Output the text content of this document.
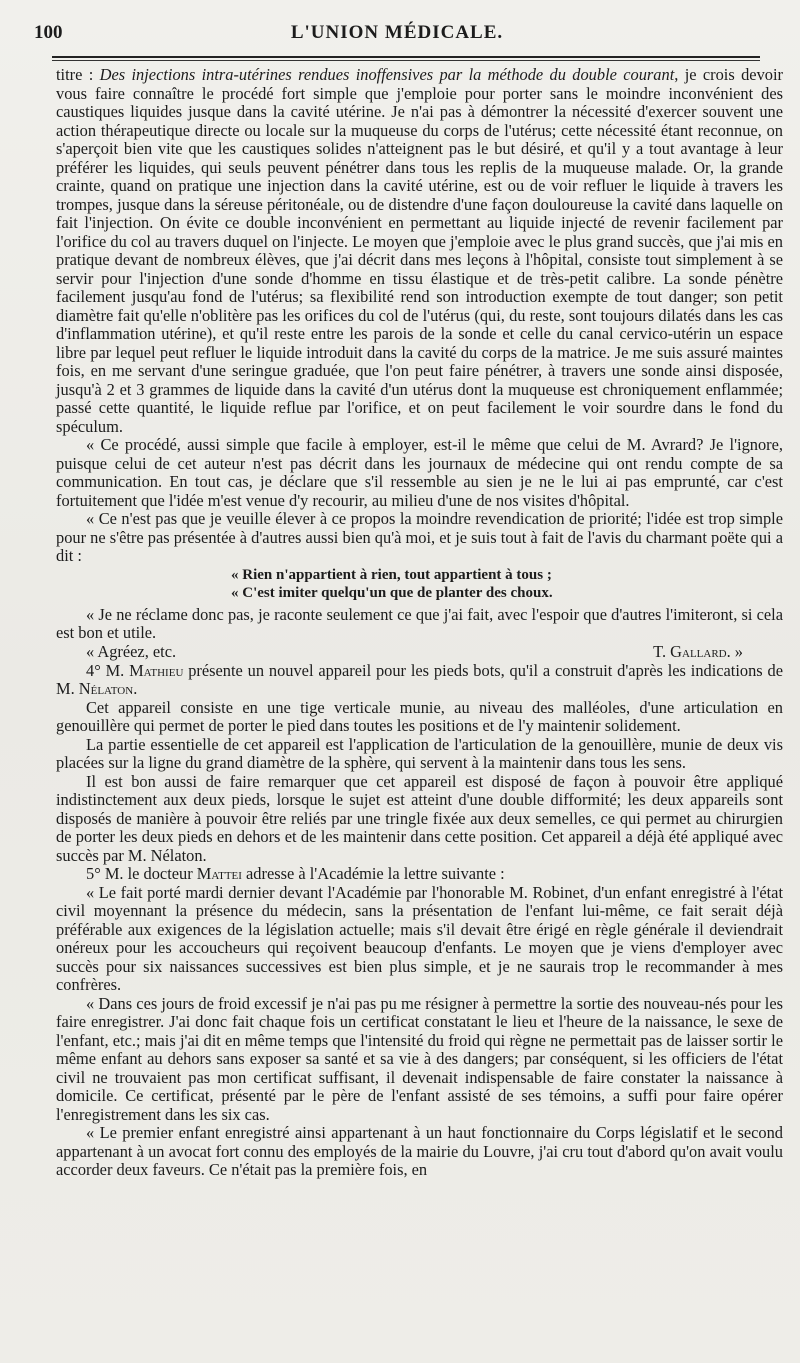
100	L'UNION MÉDICALE.

titre : Des injections intra-utérines rendues inoffensives par la méthode du double courant, je crois devoir vous faire connaître le procédé fort simple que j'emploie pour porter sans le moindre inconvénient des caustiques liquides jusque dans la cavité utérine. Je n'ai pas à démontrer la nécessité d'exercer souvent une action thérapeutique directe ou locale sur la muqueuse du corps de l'utérus; cette nécessité étant reconnue, on s'aperçoit bien vite que les caustiques solides n'atteignent pas le but désiré, et qu'il y a tout avantage à leur préférer les liquides, qui seuls peuvent pénétrer dans tous les replis de la muqueuse malade. Or, la grande crainte, quand on pratique une injection dans la cavité utérine, est ou de voir refluer le liquide à travers les trompes, jusque dans la séreuse péritonéale, ou de distendre d'une façon douloureuse la cavité dans laquelle on fait l'injection. On évite ce double inconvénient en permettant au liquide injecté de revenir facilement par l'orifice du col au travers duquel on l'injecte. Le moyen que j'emploie avec le plus grand succès, que j'ai mis en pratique devant de nombreux élèves, que j'ai décrit dans mes leçons à l'hôpital, consiste tout simplement à se servir pour l'injection d'une sonde d'homme en tissu élastique et de très-petit calibre. La sonde pénètre facilement jusqu'au fond de l'utérus; sa flexibilité rend son introduction exempte de tout danger; son petit diamètre fait qu'elle n'oblitère pas les orifices du col de l'utérus (qui, du reste, sont toujours dilatés dans les cas d'inflammation utérine), et qu'il reste entre les parois de la sonde et celle du canal cervico-utérin un espace libre par lequel peut refluer le liquide introduit dans la cavité du corps de la matrice. Je me suis assuré maintes fois, en me servant d'une seringue graduée, que l'on peut faire pénétrer, à travers une sonde ainsi disposée, jusqu'à 2 et 3 grammes de liquide dans la cavité d'un utérus dont la muqueuse est chroniquement enflammée; passé cette quantité, le liquide reflue par l'orifice, et on peut facilement le voir sourdre dans le fond du spéculum.

« Ce procédé, aussi simple que facile à employer, est-il le même que celui de M. Avrard? Je l'ignore, puisque celui de cet auteur n'est pas décrit dans les journaux de médecine qui ont rendu compte de sa communication. En tout cas, je déclare que s'il ressemble au sien je ne le lui ai pas emprunté, car c'est fortuitement que l'idée m'est venue d'y recourir, au milieu d'une de nos visites d'hôpital.

« Ce n'est pas que je veuille élever à ce propos la moindre revendication de priorité; l'idée est trop simple pour ne s'être pas présentée à d'autres aussi bien qu'à moi, et je suis tout à fait de l'avis du charmant poëte qui a dit :

« Rien n'appartient à rien, tout appartient à tous ;

« C'est imiter quelqu'un que de planter des choux.

« Je ne réclame donc pas, je raconte seulement ce que j'ai fait, avec l'espoir que d'autres l'imiteront, si cela est bon et utile.

« Agréez, etc.	T. Gallard. »

4° M. Mathieu présente un nouvel appareil pour les pieds bots, qu'il a construit d'après les indications de M. Nélaton.

Cet appareil consiste en une tige verticale munie, au niveau des malléoles, d'une articulation en genouillère qui permet de porter le pied dans toutes les positions et de l'y maintenir solidement.

La partie essentielle de cet appareil est l'application de l'articulation de la genouillère, munie de deux vis placées sur la ligne du grand diamètre de la sphère, qui servent à la maintenir dans tous les sens.

Il est bon aussi de faire remarquer que cet appareil est disposé de façon à pouvoir être appliqué indistinctement aux deux pieds, lorsque le sujet est atteint d'une double difformité; les deux appareils sont disposés de manière à pouvoir être reliés par une tringle fixée aux deux semelles, ce qui permet au chirurgien de porter les deux pieds en dehors et de les maintenir dans cette position. Cet appareil a déjà été appliqué avec succès par M. Nélaton.

5° M. le docteur Mattei adresse à l'Académie la lettre suivante :

« Le fait porté mardi dernier devant l'Académie par l'honorable M. Robinet, d'un enfant enregistré à l'état civil moyennant la présence du médecin, sans la présentation de l'enfant lui-même, ce fait serait déjà préférable aux exigences de la législation actuelle; mais s'il devait être érigé en règle générale il deviendrait onéreux pour les accoucheurs qui reçoivent beaucoup d'enfants. Le moyen que je viens d'employer avec succès pour six naissances successives est bien plus simple, et je ne saurais trop le recommander à mes confrères.

« Dans ces jours de froid excessif je n'ai pas pu me résigner à permettre la sortie des nouveau-nés pour les faire enregistrer. J'ai donc fait chaque fois un certificat constatant le lieu et l'heure de la naissance, le sexe de l'enfant, etc.; mais j'ai dit en même temps que l'intensité du froid qui règne ne permettait pas de laisser sortir le même enfant au dehors sans exposer sa santé et sa vie à des dangers; par conséquent, si les officiers de l'état civil ne trouvaient pas mon certificat suffisant, il devenait indispensable de faire constater la naissance à domicile. Ce certificat, présenté par le père de l'enfant assisté de ses témoins, a suffi pour faire opérer l'enregistrement dans les six cas.

« Le premier enfant enregistré ainsi appartenant à un haut fonctionnaire du Corps législatif et le second appartenant à un avocat fort connu des employés de la mairie du Louvre, j'ai cru tout d'abord qu'on avait voulu accorder deux faveurs. Ce n'était pas la première fois, en
